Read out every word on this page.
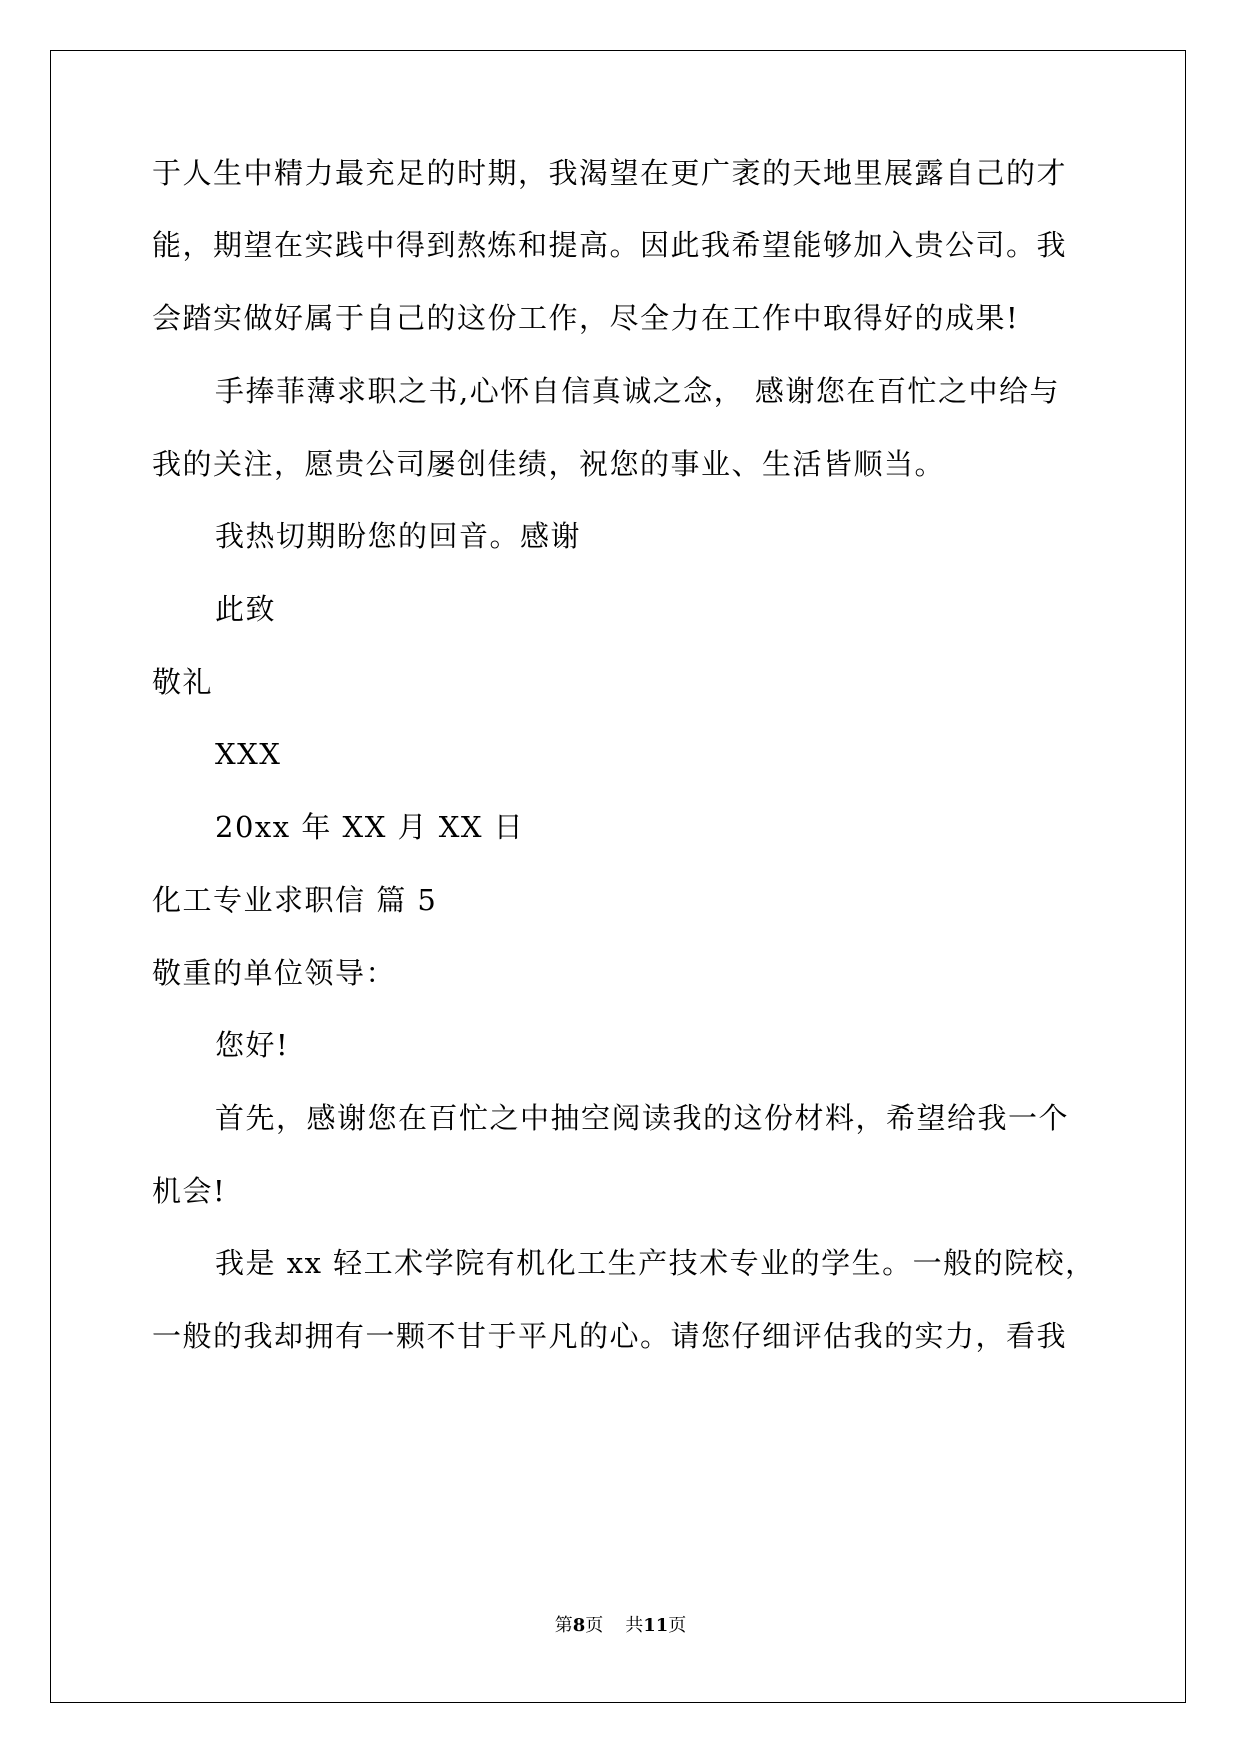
于人生中精力最充足的时期，我渴望在更广袤的天地里展露自己的才
能，期望在实践中得到熬炼和提高。因此我希望能够加入贵公司。我
会踏实做好属于自己的这份工作，尽全力在工作中取得好的成果!
手捧菲薄求职之书,心怀自信真诚之念， 感谢您在百忙之中给与
我的关注，愿贵公司屡创佳绩，祝您的事业、生活皆顺当。
我热切期盼您的回音。感谢
此致
敬礼
XXX
20xx 年 XX 月 XX 日
化工专业求职信 篇 5
敬重的单位领导：
您好!
首先，感谢您在百忙之中抽空阅读我的这份材料，希望给我一个
机会!
我是 xx 轻工术学院有机化工生产技术专业的学生。一般的院校，
一般的我却拥有一颗不甘于平凡的心。请您仔细评估我的实力，看我
第8页 共11页
